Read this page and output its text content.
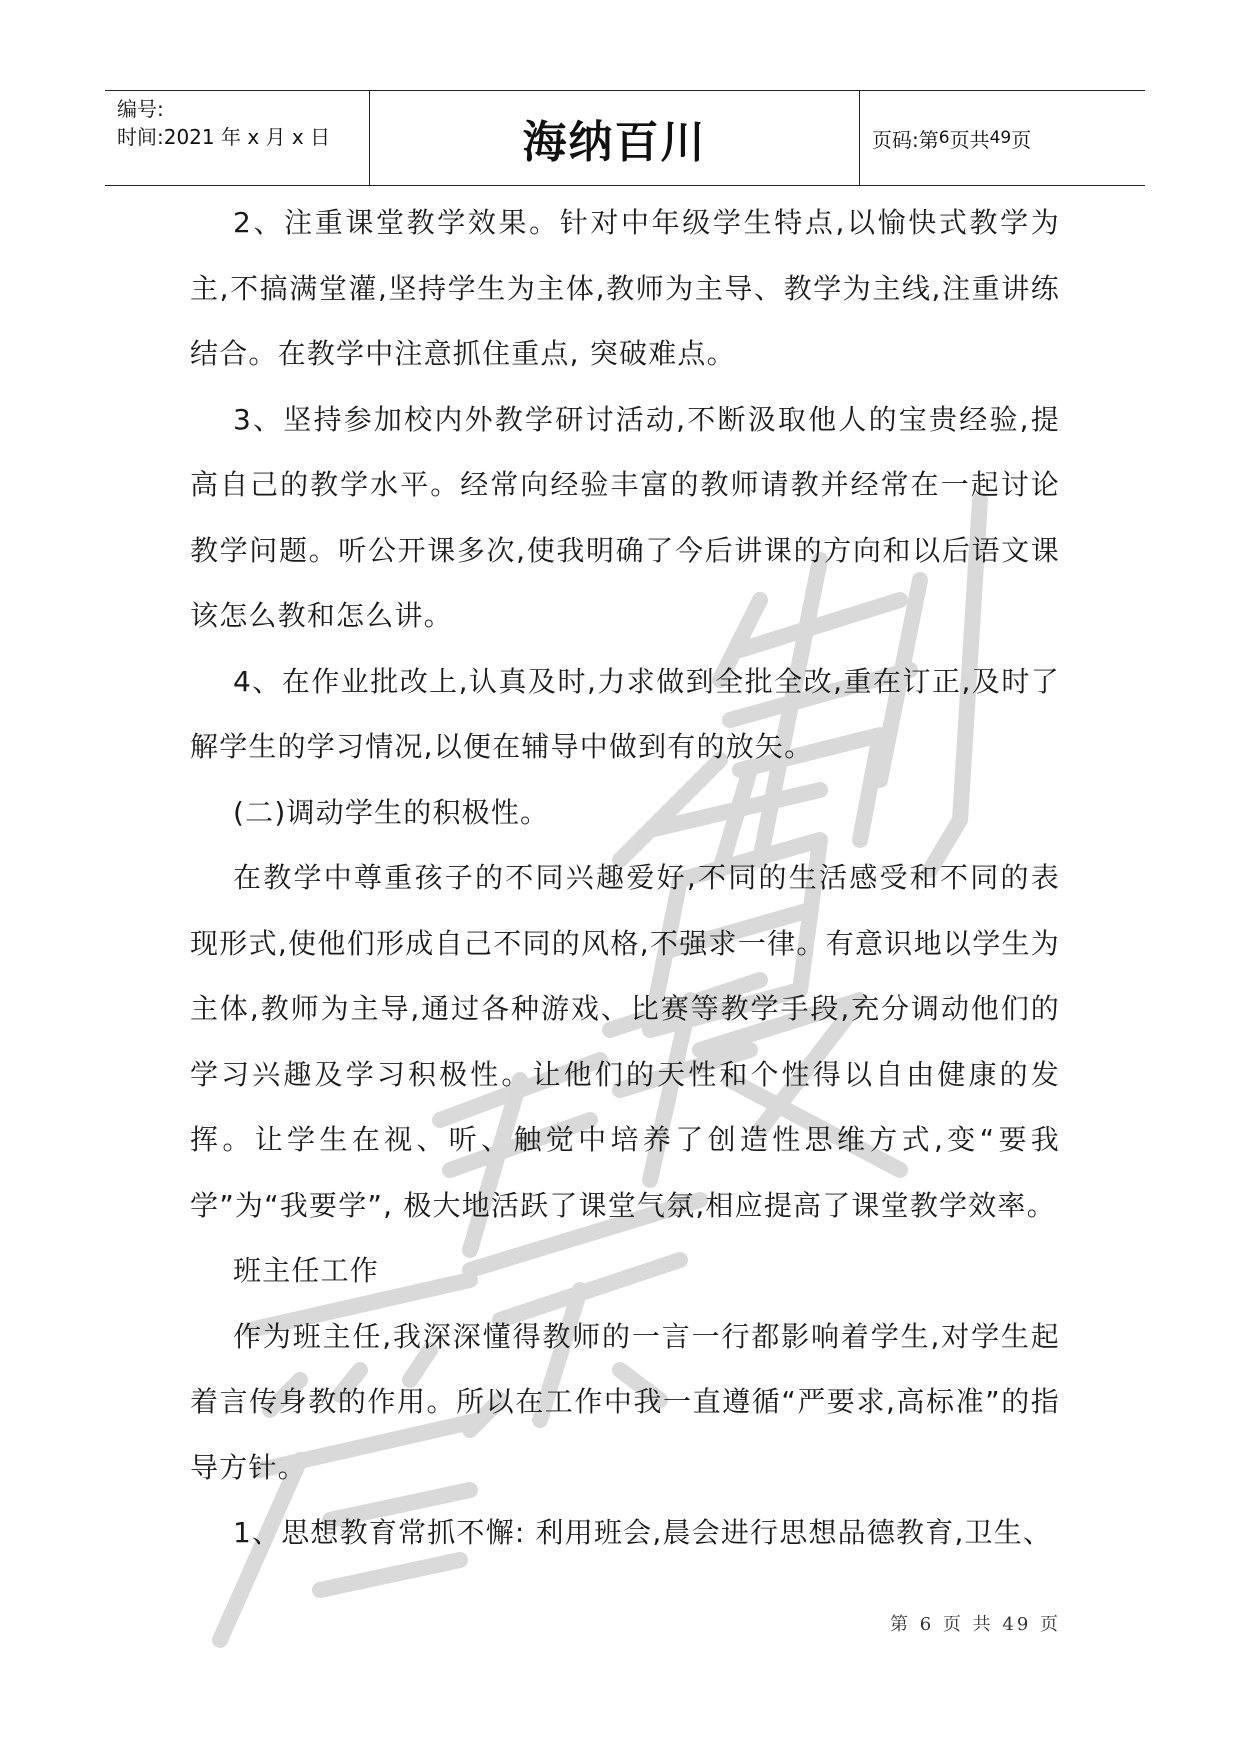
编号:
时间:2021 年 x 月 x 日	海纳百川	页码:第 6 页共 49 页

2、注重课堂教学效果。针对中年级学生特点,以愉快式教学为主,不搞满堂灌,坚持学生为主体,教师为主导、教学为主线,注重讲练结合。在教学中注意抓住重点, 突破难点。

3、坚持参加校内外教学研讨活动,不断汲取他人的宝贵经验,提高自己的教学水平。经常向经验丰富的教师请教并经常在一起讨论教学问题。听公开课多次,使我明确了今后讲课的方向和以后语文课该怎么教和怎么讲。

4、在作业批改上,认真及时,力求做到全批全改,重在订正,及时了解学生的学习情况,以便在辅导中做到有的放矢。

(二)调动学生的积极性。

在教学中尊重孩子的不同兴趣爱好,不同的生活感受和不同的表现形式,使他们形成自己不同的风格,不强求一律。有意识地以学生为主体,教师为主导,通过各种游戏、比赛等教学手段,充分调动他们的学习兴趣及学习积极性。让他们的天性和个性得以自由健康的发挥。让学生在视、听、触觉中培养了创造性思维方式,变“要我学”为“我要学”, 极大地活跃了课堂气氛,相应提高了课堂教学效率。

班主任工作

作为班主任,我深深懂得教师的一言一行都影响着学生,对学生起着言传身教的作用。所以在工作中我一直遵循“严要求,高标准”的指导方针。

1、思想教育常抓不懈: 利用班会,晨会进行思想品德教育,卫生、

第 6 页 共 49 页
